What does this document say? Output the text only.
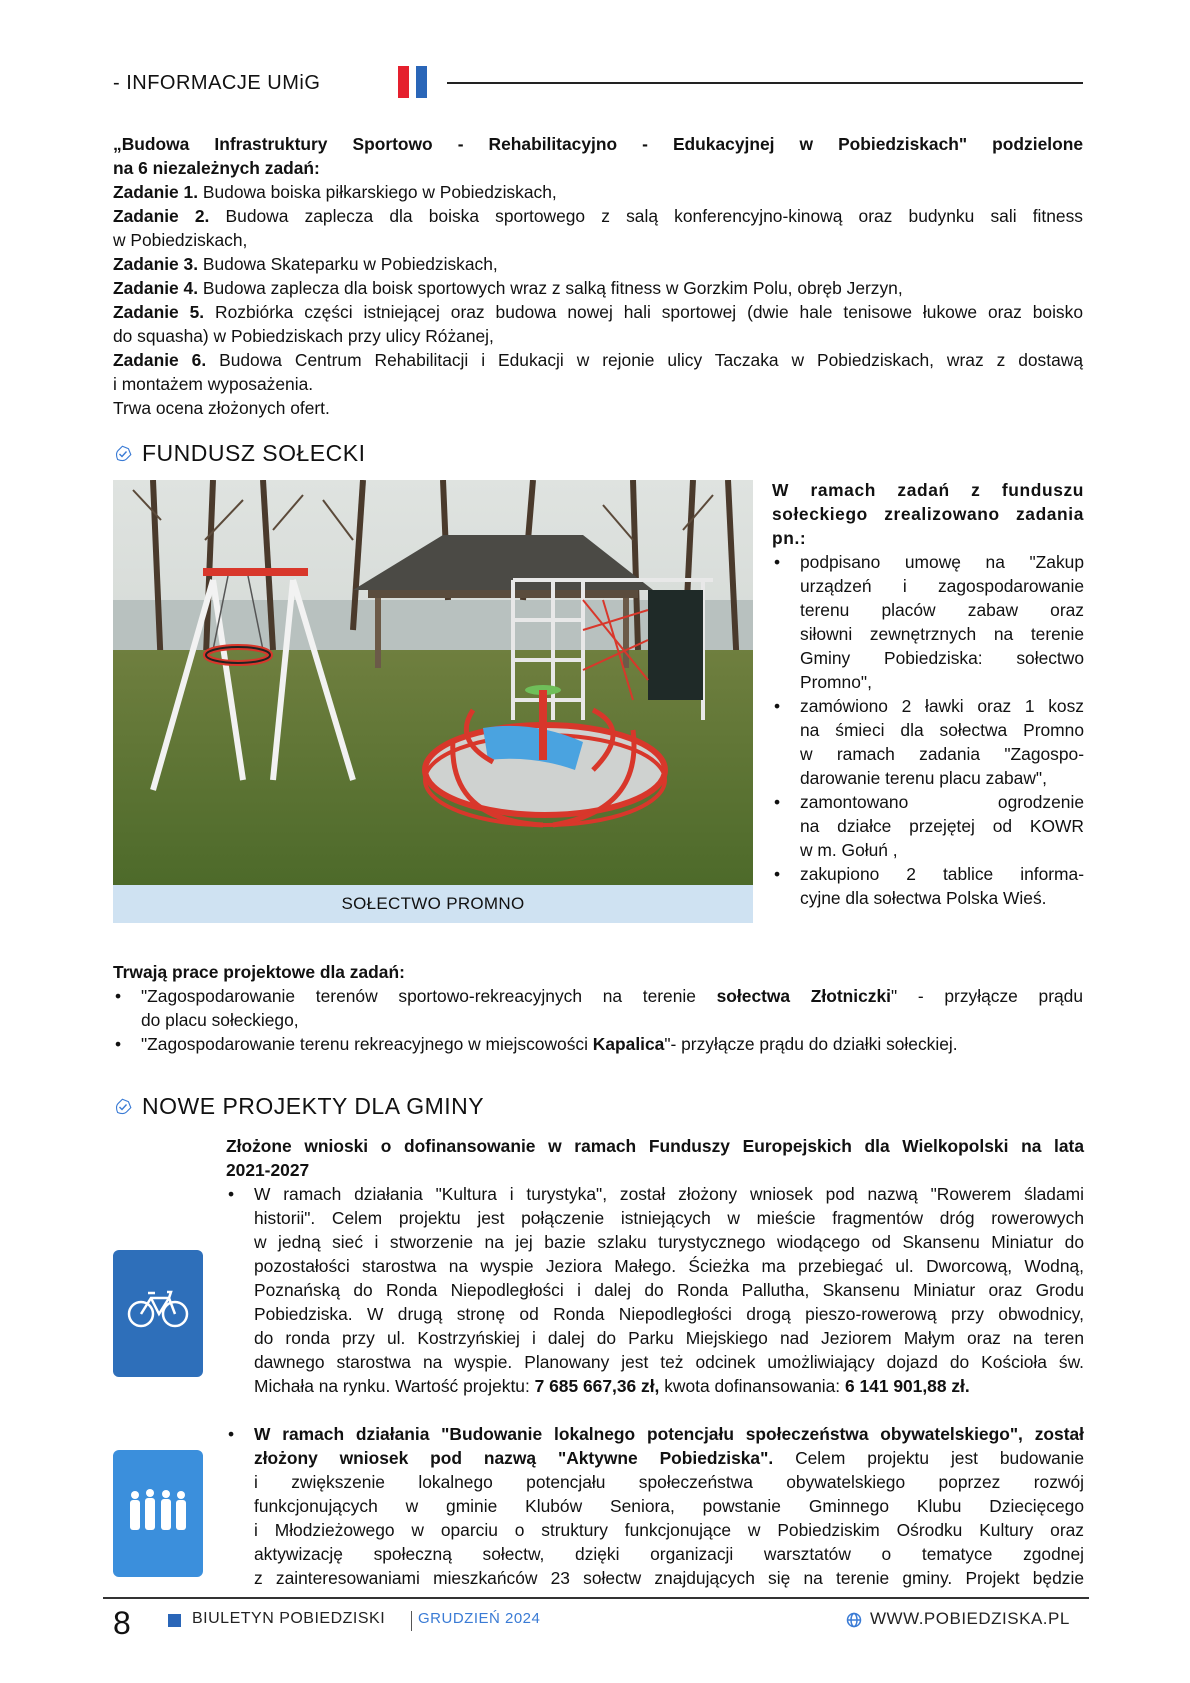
- INFORMACJE UMiG
„Budowa Infrastruktury Sportowo - Rehabilitacyjno - Edukacyjnej w Pobiedziskach" podzielone
na 6 niezależnych zadań:
Zadanie 1. Budowa boiska piłkarskiego w Pobiedziskach,
Zadanie 2. Budowa zaplecza dla boiska sportowego z salą konferencyjno-kinową oraz budynku sali fitness
w Pobiedziskach,
Zadanie 3. Budowa Skateparku w Pobiedziskach,
Zadanie 4. Budowa zaplecza dla boisk sportowych wraz z salką fitness w Gorzkim Polu, obręb Jerzyn,
Zadanie 5. Rozbiórka części istniejącej oraz budowa nowej hali sportowej (dwie hale tenisowe łukowe oraz boisko
do squasha) w Pobiedziskach przy ulicy Różanej,
Zadanie 6. Budowa Centrum Rehabilitacji i Edukacji w rejonie ulicy Taczaka w Pobiedziskach, wraz z dostawą
i montażem wyposażenia.
Trwa ocena złożonych ofert.
FUNDUSZ SOŁECKI
SOŁECTWO PROMNO
W ramach zadań z funduszu
sołeckiego zrealizowano zadania
pn.:
• podpisano umowę na "Zakup
urządzeń i zagospodarowanie
terenu placów zabaw oraz
siłowni zewnętrznych na terenie
Gminy Pobiedziska: sołectwo
Promno",
• zamówiono 2 ławki oraz 1 kosz
na śmieci dla sołectwa Promno
w ramach zadania "Zagospo-
darowanie terenu placu zabaw",
• zamontowano ogrodzenie
na działce przejętej od KOWR
w m. Gołuń ,
• zakupiono 2 tablice informa-
cyjne dla sołectwa Polska Wieś.
Trwają prace projektowe dla zadań:
• "Zagospodarowanie terenów sportowo-rekreacyjnych na terenie sołectwa Złotniczki" - przyłącze prądu
do placu sołeckiego,
• "Zagospodarowanie terenu rekreacyjnego w miejscowości Kapalica"- przyłącze prądu do działki sołeckiej.
NOWE PROJEKTY DLA GMINY
Złożone wnioski o dofinansowanie w ramach Funduszy Europejskich dla Wielkopolski na lata
2021-2027
• W ramach działania "Kultura i turystyka", został złożony wniosek pod nazwą "Rowerem śladami
historii". Celem projektu jest połączenie istniejących w mieście fragmentów dróg rowerowych
w jedną sieć i stworzenie na jej bazie szlaku turystycznego wiodącego od Skansenu Miniatur do
pozostałości starostwa na wyspie Jeziora Małego. Ścieżka ma przebiegać ul. Dworcową, Wodną,
Poznańską do Ronda Niepodległości i dalej do Ronda Pallutha, Skansenu Miniatur oraz Grodu
Pobiedziska. W drugą stronę od Ronda Niepodległości drogą pieszo-rowerową przy obwodnicy,
do ronda przy ul. Kostrzyńskiej i dalej do Parku Miejskiego nad Jeziorem Małym oraz na teren
dawnego starostwa na wyspie. Planowany jest też odcinek umożliwiający dojazd do Kościoła św.
Michała na rynku. Wartość projektu: 7 685 667,36 zł, kwota dofinansowania: 6 141 901,88 zł.
• W ramach działania "Budowanie lokalnego potencjału społeczeństwa obywatelskiego", został
złożony wniosek pod nazwą "Aktywne Pobiedziska". Celem projektu jest budowanie
i zwiększenie lokalnego potencjału społeczeństwa obywatelskiego poprzez rozwój
funkcjonujących w gminie Klubów Seniora, powstanie Gminnego Klubu Dziecięcego
i Młodzieżowego w oparciu o struktury funkcjonujące w Pobiedziskim Ośrodku Kultury oraz
aktywizację społeczną sołectw, dzięki organizacji warsztatów o tematyce zgodnej
z zainteresowaniami mieszkańców 23 sołectw znajdujących się na terenie gminy. Projekt będzie
8	BIULETYN POBIEDZISKI GRUDZIEŃ 2024	WWW.POBIEDZISKA.PL
